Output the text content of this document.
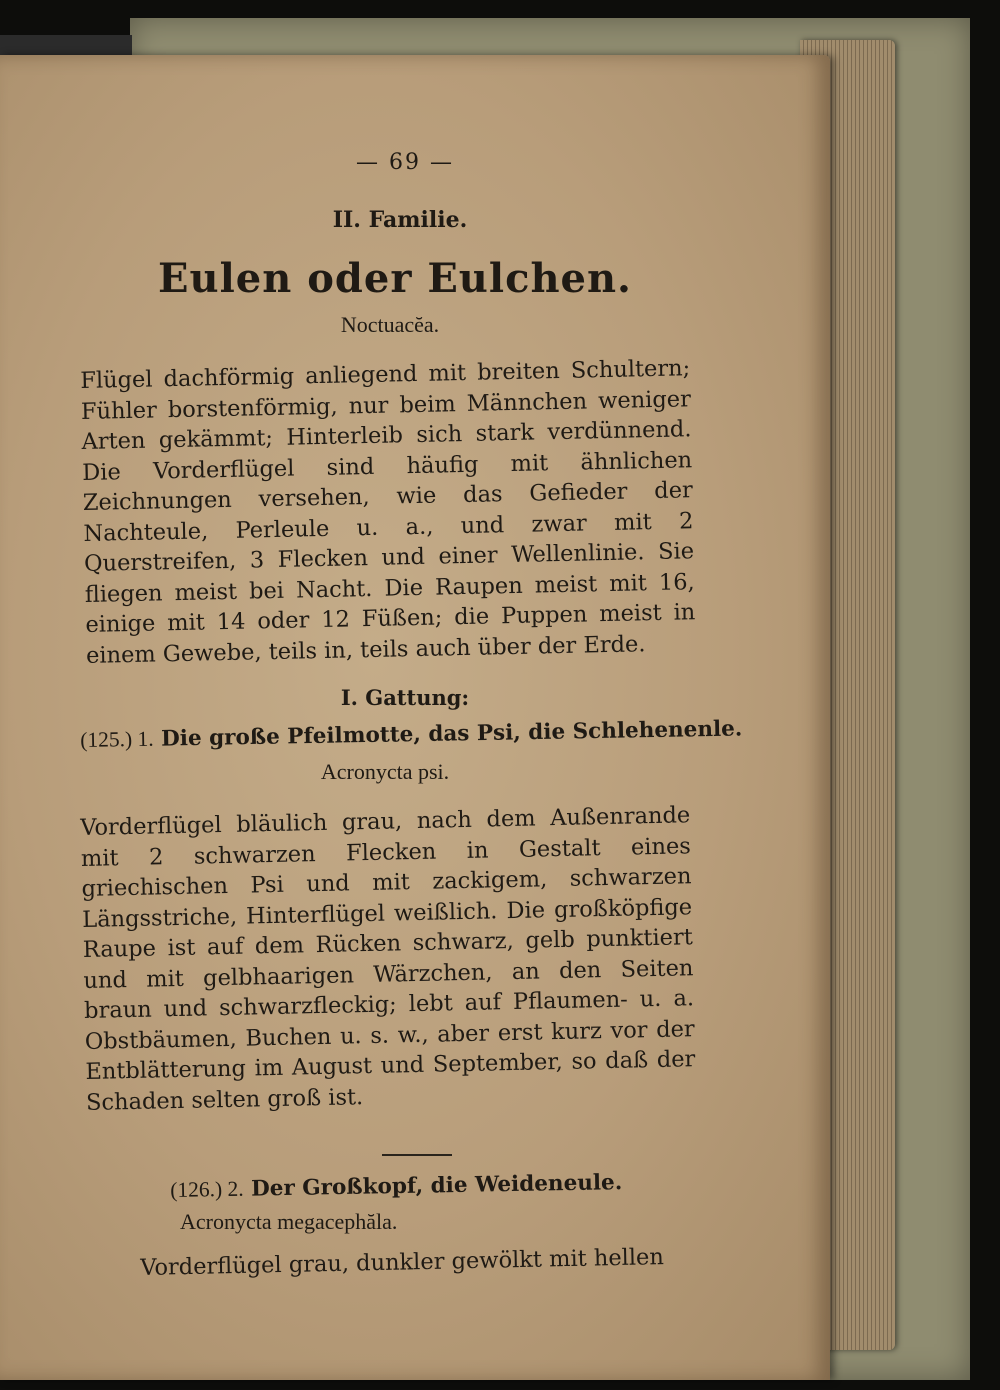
— 69 —
II. Familie.
Eulen oder Eulchen.
Noctuacĕa.
Flügel dachförmig anliegend mit breiten Schultern; Fühler borstenförmig, nur beim Männchen weniger Arten gekämmt; Hinterleib sich stark verdünnend. Die Vorderflügel sind häufig mit ähnlichen Zeichnungen versehen, wie das Gefieder der Nachteule, Perleule u. a., und zwar mit 2 Querstreifen, 3 Flecken und einer Wellenlinie. Sie fliegen meist bei Nacht. Die Raupen meist mit 16, einige mit 14 oder 12 Füßen; die Puppen meist in einem Gewebe, teils in, teils auch über der Erde.
I. Gattung:
(125.) 1. Die große Pfeilmotte, das Psi, die Schlehenenle.
Acronycta psi.
Vorderflügel bläulich grau, nach dem Außenrande mit 2 schwarzen Flecken in Gestalt eines griechischen Psi und mit zackigem, schwarzen Längsstriche, Hinterflügel weißlich. Die großköpfige Raupe ist auf dem Rücken schwarz, gelb punktiert und mit gelbhaarigen Wärzchen, an den Seiten braun und schwarzfleckig; lebt auf Pflaumen- u. a. Obstbäumen, Buchen u. s. w., aber erst kurz vor der Entblätterung im August und September, so daß der Schaden selten groß ist.
(126.) 2. Der Großkopf, die Weideneule.
Acronycta megacephăla.
Vorderflügel grau, dunkler gewölkt mit hellen
